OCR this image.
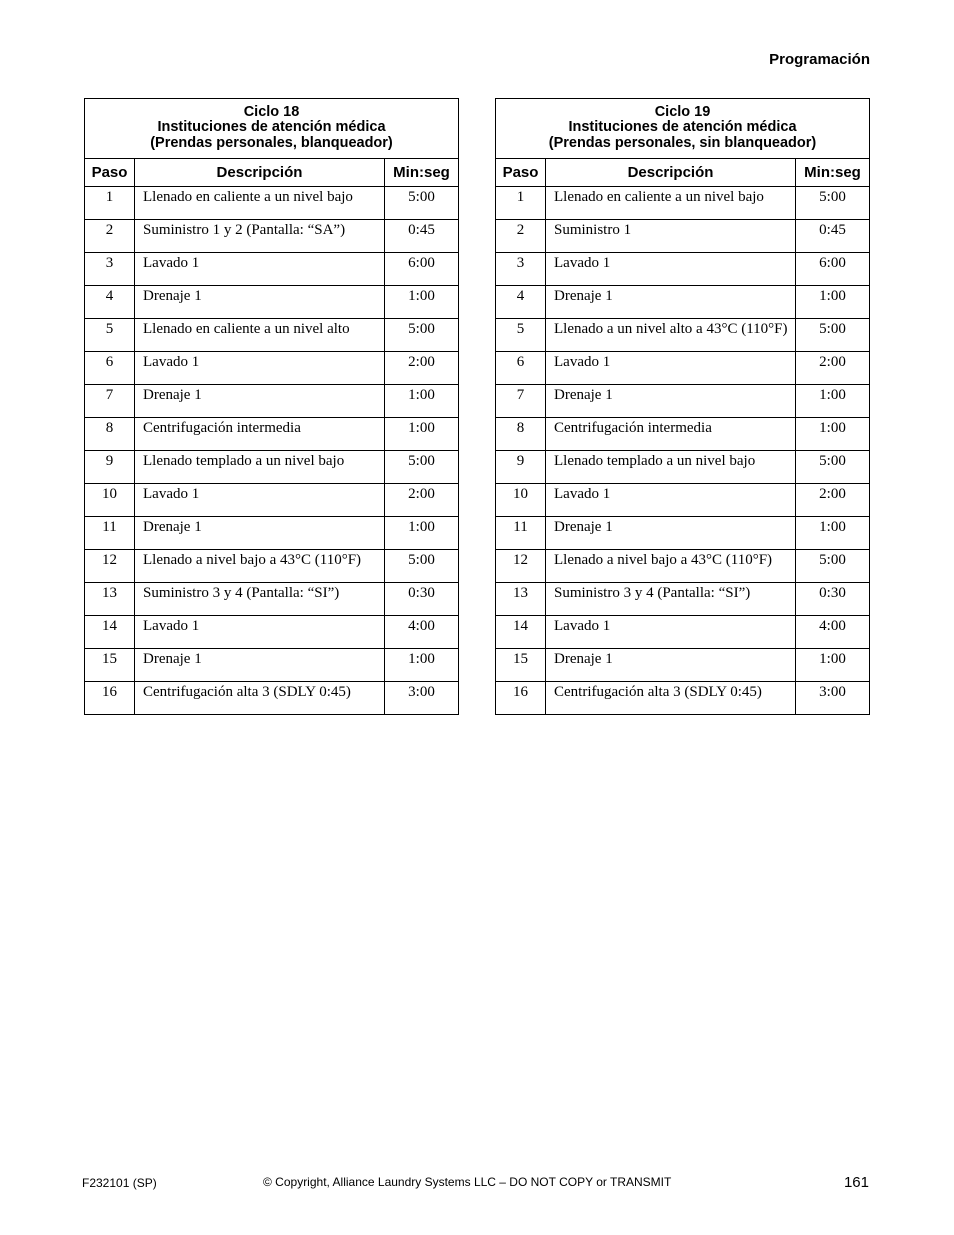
Programación
Ciclo 18
Instituciones de atención médica
(Prendas personales, blanqueador)		

Paso	Descripción	Min:seg
1	Llenado en caliente a un nivel bajo	5:00
2	Suministro 1 y 2 (Pantalla: “SA”)	0:45
3	Lavado 1	6:00
4	Drenaje 1	1:00
5	Llenado en caliente a un nivel alto	5:00
6	Lavado 1	2:00
7	Drenaje 1	1:00
8	Centrifugación intermedia	1:00
9	Llenado templado a un nivel bajo	5:00
10	Lavado 1	2:00
11	Drenaje 1	1:00
12	Llenado a nivel bajo a 43°C (110°F)	5:00
13	Suministro 3 y 4 (Pantalla: “SI”)	0:30
14	Lavado 1	4:00
15	Drenaje 1	1:00
16	Centrifugación alta 3 (SDLY 0:45)	3:00
Ciclo 19
Instituciones de atención médica
(Prendas personales, sin blanqueador)		

Paso	Descripción	Min:seg
1	Llenado en caliente a un nivel bajo	5:00
2	Suministro 1	0:45
3	Lavado 1	6:00
4	Drenaje 1	1:00
5	Llenado a un nivel alto a 43°C (110°F)	5:00
6	Lavado 1	2:00
7	Drenaje 1	1:00
8	Centrifugación intermedia	1:00
9	Llenado templado a un nivel bajo	5:00
10	Lavado 1	2:00
11	Drenaje 1	1:00
12	Llenado a nivel bajo a 43°C (110°F)	5:00
13	Suministro 3 y 4 (Pantalla: “SI”)	0:30
14	Lavado 1	4:00
15	Drenaje 1	1:00
16	Centrifugación alta 3 (SDLY 0:45)	3:00
F232101 (SP)	© Copyright, Alliance Laundry Systems LLC – DO NOT COPY or TRANSMIT	161
